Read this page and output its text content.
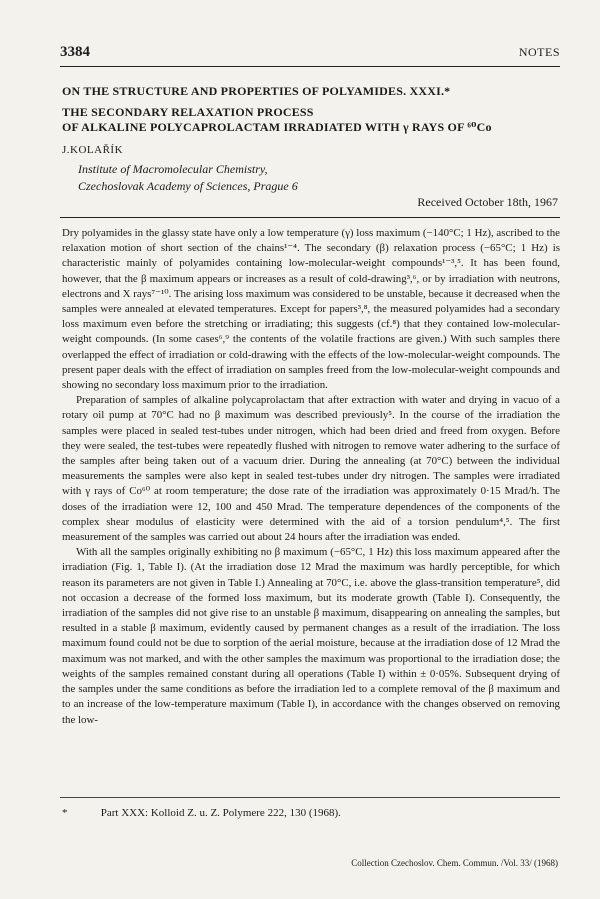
3384	NOTES
ON THE STRUCTURE AND PROPERTIES OF POLYAMIDES. XXXI.*
THE SECONDARY RELAXATION PROCESS
OF ALKALINE POLYCAPROLACTAM IRRADIATED WITH γ RAYS OF ⁶⁰Co
J.KOLAŘÍK
Institute of Macromolecular Chemistry,
Czechoslovak Academy of Sciences, Prague 6
Received October 18th, 1967

Dry polyamides in the glassy state have only a low temperature (γ) loss maximum (−140°C; 1 Hz), ascribed to the relaxation motion of short section of the chains¹⁻⁴. The secondary (β) relaxation process (−65°C; 1 Hz) is characteristic mainly of polyamides containing low-molecular-weight compounds¹⁻³,⁵. It has been found, however, that the β maximum appears or increases as a result of cold-drawing³,⁶, or by irradiation with neutrons, electrons and X rays⁷⁻¹⁰. The arising loss maximum was considered to be unstable, because it decreased when the samples were annealed at elevated temperatures. Except for papers³,⁸, the measured polyamides had a secondary loss maximum even before the stretching or irradiating; this suggests (cf.⁸) that they contained low-molecular-weight compounds. (In some cases⁶,⁹ the contents of the volatile fractions are given.) With such samples there overlapped the effect of irradiation or cold-drawing with the effects of the low-molecular-weight compounds. The present paper deals with the effect of irradiation on samples freed from the low-molecular-weight compounds and showing no secondary loss maximum prior to the irradiation.

Preparation of samples of alkaline polycaprolactam that after extraction with water and drying in vacuo of a rotary oil pump at 70°C had no β maximum was described previously⁵. In the course of the irradiation the samples were placed in sealed test-tubes under nitrogen, which had been dried and freed from oxygen. Before they were sealed, the test-tubes were repeatedly flushed with nitrogen to remove water adhering to the surface of the samples after being taken out of a vacuum drier. During the annealing (at 70°C) between the individual measurements the samples were also kept in sealed test-tubes under dry nitrogen. The samples were irradiated with γ rays of Co⁶⁰ at room temperature; the dose rate of the irradiation was approximately 0·15 Mrad/h. The doses of the irradiation were 12, 100 and 450 Mrad. The temperature dependences of the components of the complex shear modulus of elasticity were determined with the aid of a torsion pendulum⁴,⁵. The first measurement of the samples was carried out about 24 hours after the irradiation was ended.

With all the samples originally exhibiting no β maximum (−65°C, 1 Hz) this loss maximum appeared after the irradiation (Fig. 1, Table I). (At the irradiation dose 12 Mrad the maximum was hardly perceptible, for which reason its parameters are not given in Table I.) Annealing at 70°C, i.e. above the glass-transition temperature⁵, did not occasion a decrease of the formed loss maximum, but its moderate growth (Table I). Consequently, the irradiation of the samples did not give rise to an unstable β maximum, disappearing on annealing the samples, but resulted in a stable β maximum, evidently caused by permanent changes as a result of the irradiation. The loss maximum found could not be due to sorption of the aerial moisture, because at the irradiation dose of 12 Mrad the maximum was not marked, and with the other samples the maximum was proportional to the irradiation dose; the weights of the samples remained constant during all operations (Table I) within ± 0·05%. Subsequent drying of the samples under the same conditions as before the irradiation led to a complete removal of the β maximum and to an increase of the low-temperature maximum (Table I), in accordance with the changes observed on removing the low-

*	Part XXX: Kolloid Z. u. Z. Polymere 222, 130 (1968).
Collection Czechoslov. Chem. Commun. /Vol. 33/ (1968)
